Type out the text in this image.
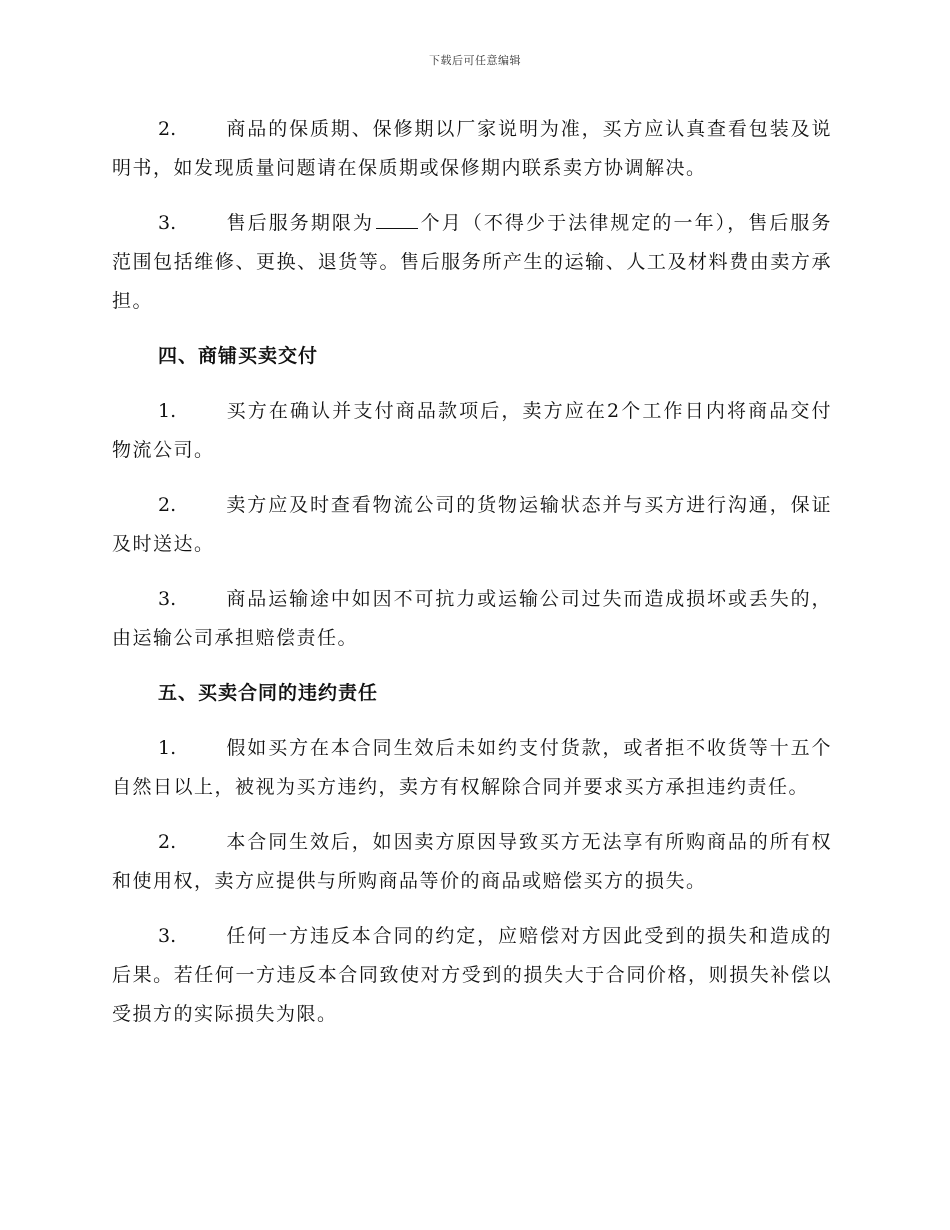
下载后可任意编辑

2.	商品的保质期、保修期以厂家说明为准，买方应认真查看包装及说明书，如发现质量问题请在保质期或保修期内联系卖方协调解决。

3.	售后服务期限为 个月（不得少于法律规定的一年），售后服务范围包括维修、更换、退货等。售后服务所产生的运输、人工及材料费由卖方承担。

四、商铺买卖交付

1.	买方在确认并支付商品款项后，卖方应在2个工作日内将商品交付物流公司。

2.	卖方应及时查看物流公司的货物运输状态并与买方进行沟通，保证及时送达。

3.	商品运输途中如因不可抗力或运输公司过失而造成损坏或丢失的，由运输公司承担赔偿责任。

五、买卖合同的违约责任

1.	假如买方在本合同生效后未如约支付货款，或者拒不收货等十五个自然日以上，被视为买方违约，卖方有权解除合同并要求买方承担违约责任。

2.	本合同生效后，如因卖方原因导致买方无法享有所购商品的所有权和使用权，卖方应提供与所购商品等价的商品或赔偿买方的损失。

3.	任何一方违反本合同的约定，应赔偿对方因此受到的损失和造成的后果。若任何一方违反本合同致使对方受到的损失大于合同价格，则损失补偿以受损方的实际损失为限。
